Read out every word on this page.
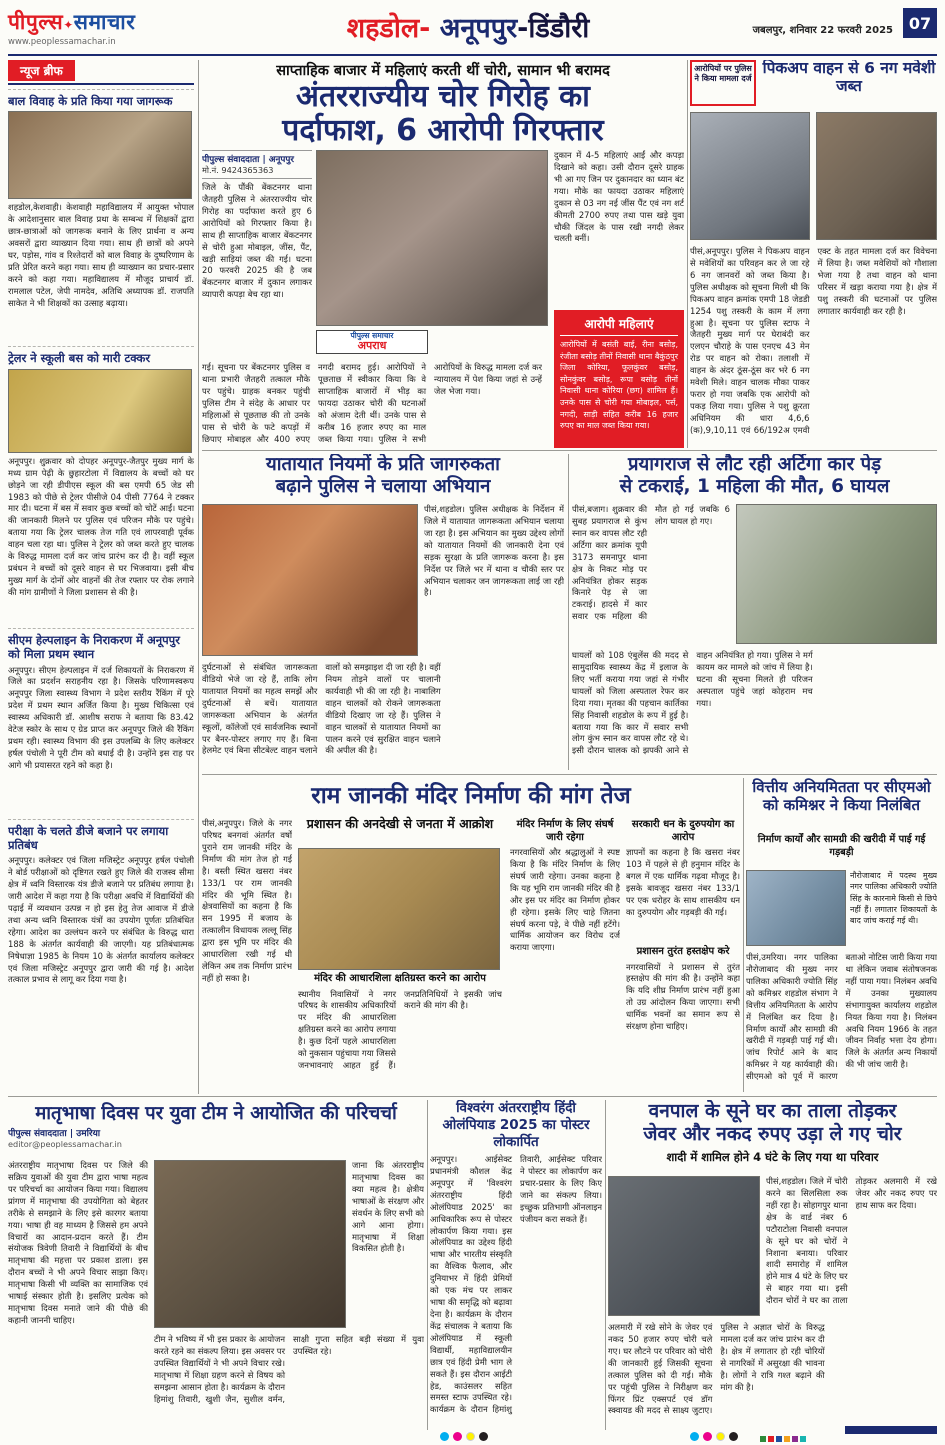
पीपुल्स✦समाचार
www.peoplessamachar.in	शहडोल- अनूपपुर-डिंडौरी	जबलपुर, शनिवार 22 फरवरी 2025 07
न्यूज ब्रीफ
बाल विवाह के प्रति किया गया जागरूक
शहडोल,केशवाही। केशवाही महाविद्यालय में आयुक्त भोपाल के आदेशानुसार बाल विवाह प्रथा के सम्बन्ध में शिक्षकों द्वारा छात्र-छात्राओं को जागरूक बनाने के लिए प्रार्थना व अन्य अवसरों द्वारा व्याख्यान दिया गया। साथ ही छात्रों को अपने घर, पड़ोस, गांव व रिश्तेदारों को बाल विवाह के दुष्परिणाम के प्रति प्रेरित करने कहा गया। साथ ही व्याख्यान का प्रचार-प्रसार करने को कहा गया। महाविद्यालय में मौजूद प्राचार्य डॉ. रामलाल पटेल, जेपी नामदेव, अतिथि अध्यापक डॉ. राजपति साकेत ने भी शिक्षकों का उत्साह बढ़ाया।
ट्रेलर ने स्कूली बस को मारी टक्कर
अनूपपुर। शुक्रवार को दोपहर अनूपपुर-जैतपुर मुख्य मार्ग के मध्य ग्राम पेढ़ी के छुहारटोला में विद्यालय के बच्चों को घर छोड़ने जा रही डीपीएस स्कूल की बस एमपी 65 जेड सी 1983 को पीछे से ट्रेलर पीसीजे 04 पीसी 7764 ने टक्कर मार दी। घटना में बस में सवार कुछ बच्चों को चोटें आईं। घटना की जानकारी मिलने पर पुलिस एवं परिजन मौके पर पहुंचे। बताया गया कि ट्रेलर चालक तेज गति एवं लापरवाही पूर्वक वाहन चला रहा था। पुलिस ने ट्रेलर को जब्त करते हुए चालक के विरुद्ध मामला दर्ज कर जांच प्रारंभ कर दी है। वहीं स्कूल प्रबंधन ने बच्चों को दूसरे वाहन से घर भिजवाया। इसी बीच मुख्य मार्ग के दोनों ओर वाहनों की तेज रफ्तार पर रोक लगाने की मांग ग्रामीणों ने जिला प्रशासन से की है।
सीएम हेल्पलाइन के निराकरण में अनूपपुर को मिला प्रथम स्थान
अनूपपुर। सीएम हेल्पलाइन में दर्ज शिकायतों के निराकरण में जिले का प्रदर्शन सराहनीय रहा है। जिसके परिणामस्वरूप अनूपपुर जिला स्वास्थ्य विभाग ने प्रदेश स्तरीय रैंकिंग में पूरे प्रदेश में प्रथम स्थान अर्जित किया है। मुख्य चिकित्सा एवं स्वास्थ्य अधिकारी डॉ. आशीष सराफ ने बताया कि 83.42 वेटेज स्कोर के साथ ए ग्रेड प्राप्त कर अनूपपुर जिले की रैंकिंग प्रथम रही। स्वास्थ्य विभाग की इस उपलब्धि के लिए कलेक्टर हर्षल पंचोली ने पूरी टीम को बधाई दी है। उन्होंने इस राह पर आगे भी प्रयासरत रहने को कहा है।
परीक्षा के चलते डीजे बजाने पर लगाया प्रतिबंध
अनूपपुर। कलेक्टर एवं जिला मजिस्ट्रेट अनूपपुर हर्षल पंचोली ने बोर्ड परीक्षाओं को दृष्टिगत रखते हुए जिले की राजस्व सीमा क्षेत्र में ध्वनि विस्तारक यंत्र डीजे बजाने पर प्रतिबंध लगाया है। जारी आदेश में कहा गया है कि परीक्षा अवधि में विद्यार्थियों की पढ़ाई में व्यवधान उत्पन्न न हो इस हेतु तेज आवाज में डीजे तथा अन्य ध्वनि विस्तारक यंत्रों का उपयोग पूर्णतः प्रतिबंधित रहेगा। आदेश का उल्लंघन करने पर संबंधित के विरुद्ध धारा 188 के अंतर्गत कार्यवाही की जाएगी। यह प्रतिबंधात्मक निषेधाज्ञा 1985 के नियम 10 के अंतर्गत कार्यालय कलेक्टर एवं जिला मजिस्ट्रेट अनूपपुर द्वारा जारी की गई है। आदेश तत्काल प्रभाव से लागू कर दिया गया है।
साप्ताहिक बाजार में महिलाएं करती थीं चोरी, सामान भी बरामद
अंतरराज्यीय चोर गिरोह का
पर्दाफाश, 6 आरोपी गिरफ्तार
पीपुल्स संवाददाता | अनूपपुर
मो.नं. 9424365363
जिले के पौंकी बेंकटनगर थाना जैतहरी पुलिस ने अंतरराज्यीय चोर गिरोह का पर्दाफाश करते हुए 6 आरोपियों को गिरफ्तार किया है। साथ ही साप्ताहिक बाजार बेंकटनगर से चोरी हुआ मोबाइल, जींस, पैंट, खड़ी साड़ियां जब्त की गई। घटना 20 फरवरी 2025 की है जब बेंकटनगर बाजार में दुकान लगाकर व्यापारी कपड़ा बेच रहा था।
पीपुल्स समाचार
अपराध
दुकान में 4-5 महिलाएं आईं और कपड़ा दिखाने को कहा। उसी दौरान दूसरे ग्राहक भी आ गए जिन पर दुकानदार का ध्यान बंट गया। मौके का फायदा उठाकर महिलाएं दुकान से 03 नग नई जींस पैंट एवं नग शर्ट कीमती 2700 रुपए तथा पास खड़े युवा चौकी जिंदल के पास रखी नगदी लेकर चलती बनीं।
आरोपी महिलाएं
आरोपियों में बसंती बाई, रीना बसोड़, रंजीता बसोड़ तीनों निवासी थाना बैकुंठपुर जिला कोरिया, फूलकुंवर बसोड़, सोनकुंवर बसोड़, रूपा बसोड़ तीनों निवासी थाना कोरिया (छग) शामिल हैं। उनके पास से चोरी गया मोबाइल, पर्स, नगदी, साड़ी सहित करीब 16 हजार रुपए का माल जब्त किया गया।
गई। सूचना पर बेंकटनगर पुलिस व थाना प्रभारी जैतहरी तत्काल मौके पर पहुंचे। ग्राहक बनकर पहुंची पुलिस टीम ने संदेह के आधार पर महिलाओं से पूछताछ की तो उनके पास से चोरी के फटे कपड़ों में छिपाए मोबाइल और 400 रुपए नगदी बरामद हुई। आरोपियों ने पूछताछ में स्वीकार किया कि वे साप्ताहिक बाजारों में भीड़ का फायदा उठाकर चोरी की घटनाओं को अंजाम देती थीं। उनके पास से करीब 16 हजार रुपए का माल जब्त किया गया। पुलिस ने सभी आरोपियों के विरुद्ध मामला दर्ज कर न्यायालय में पेश किया जहां से उन्हें जेल भेजा गया।
आरोपियों पर पुलिस ने किया मामला दर्ज
पिकअप वाहन से 6 नग मवेशी जब्त
पीसं,अनूपपुर। पुलिस ने पिकअप वाहन से मवेशियों का परिवहन कर ले जा रहे 6 नग जानवरों को जब्त किया है। पुलिस अधीक्षक को सूचना मिली थी कि पिकअप वाहन क्रमांक एमपी 18 जेडडी 1254 पशु तस्करी के काम में लगा हुआ है। सूचना पर पुलिस स्टाफ ने जैतहरी मुख्य मार्ग पर घेराबंदी कर एलएन चौराहे के पास एनएच 43 मेन रोड पर वाहन को रोका। तलाशी में वाहन के अंदर ठूंस-ठूंस कर भरे 6 नग मवेशी मिले। वाहन चालक मौका पाकर फरार हो गया जबकि एक आरोपी को पकड़ लिया गया। पुलिस ने पशु क्रूरता अधिनियम की धारा 4,6,6 (क),9,10,11 एवं 66/192अ एमवी एक्ट के तहत मामला दर्ज कर विवेचना में लिया है। जब्त मवेशियों को गौशाला भेजा गया है तथा वाहन को थाना परिसर में खड़ा कराया गया है। क्षेत्र में पशु तस्करी की घटनाओं पर पुलिस लगातार कार्यवाही कर रही है।
यातायात नियमों के प्रति जागरुकता
बढ़ाने पुलिस ने चलाया अभियान
पीसं,शहडोल। पुलिस अधीक्षक के निर्देशन में जिले में यातायात जागरूकता अभियान चलाया जा रहा है। इस अभियान का मुख्य उद्देश्य लोगों को यातायात नियमों की जानकारी देना एवं सड़क सुरक्षा के प्रति जागरूक करना है। इस निर्देश पर जिले भर में थाना व चौकी स्तर पर अभियान चलाकर जन जागरूकता लाई जा रही है।
दुर्घटनाओं से संबंधित जागरूकता वीडियो भेजे जा रहे हैं, ताकि लोग यातायात नियमों का महत्व समझें और दुर्घटनाओं से बचें। यातायात जागरूकता अभियान के अंतर्गत स्कूलों, कॉलेजों एवं सार्वजनिक स्थानों पर बैनर-पोस्टर लगाए गए हैं। बिना हेलमेट एवं बिना सीटबेल्ट वाहन चलाने वालों को समझाइश दी जा रही है। वहीं नियम तोड़ने वालों पर चालानी कार्यवाही भी की जा रही है। नाबालिग वाहन चालकों को रोकने जागरूकता वीडियो दिखाए जा रहे हैं। पुलिस ने वाहन चालकों से यातायात नियमों का पालन करने एवं सुरक्षित वाहन चलाने की अपील की है।
प्रयागराज से लौट रही अर्टिगा कार पेड़
से टकराई, 1 महिला की मौत, 6 घायल
पीसं,बजाग। शुक्रवार की सुबह प्रयागराज से कुंभ स्नान कर वापस लौट रही अर्टिगा कार क्रमांक यूपी 3173 समनापुर थाना क्षेत्र के निकट मोड़ पर अनियंत्रित होकर सड़क किनारे पेड़ से जा टकराई। हादसे में कार सवार एक महिला की मौत हो गई जबकि 6 लोग घायल हो गए।
घायलों को 108 एंबुलेंस की मदद से सामुदायिक स्वास्थ्य केंद्र में इलाज के लिए भर्ती कराया गया जहां से गंभीर घायलों को जिला अस्पताल रेफर कर दिया गया। मृतका की पहचान कार्तिका सिंह निवासी शहडोल के रूप में हुई है। बताया गया कि कार में सवार सभी लोग कुंभ स्नान कर वापस लौट रहे थे। इसी दौरान चालक को झपकी आने से वाहन अनियंत्रित हो गया। पुलिस ने मर्ग कायम कर मामले को जांच में लिया है। घटना की सूचना मिलते ही परिजन अस्पताल पहुंचे जहां कोहराम मच गया।
राम जानकी मंदिर निर्माण की मांग तेज
पीसं,अनूपपुर। जिले के नगर परिषद बनगवां अंतर्गत वर्षों पुराने राम जानकी मंदिर के निर्माण की मांग तेज हो गई है। बस्ती स्थित खसरा नंबर 133/1 पर राम जानकी मंदिर की भूमि स्थित है। क्षेत्रवासियों का कहना है कि सन 1995 में बजाय के तत्कालीन विधायक लल्लू सिंह द्वारा इस भूमि पर मंदिर की आधारशिला रखी गई थी लेकिन अब तक निर्माण प्रारंभ नहीं हो सका है।
प्रशासन की अनदेखी से जनता में आक्रोश
मंदिर की आधारशिला क्षतिग्रस्त करने का आरोप
स्थानीय निवासियों ने नगर परिषद के शासकीय अधिकारियों पर मंदिर की आधारशिला क्षतिग्रस्त करने का आरोप लगाया है। कुछ दिनों पहले आधारशिला को नुकसान पहुंचाया गया जिससे जनभावनाएं आहत हुई हैं। जनप्रतिनिधियों ने इसकी जांच कराने की मांग की है।
मंदिर निर्माण के लिए संघर्ष जारी रहेगा
नगरवासियों और श्रद्धालुओं ने स्पष्ट किया है कि मंदिर निर्माण के लिए संघर्ष जारी रहेगा। उनका कहना है कि यह भूमि राम जानकी मंदिर की है और इस पर मंदिर का निर्माण होकर ही रहेगा। इसके लिए चाहे जितना संघर्ष करना पड़े, वे पीछे नहीं हटेंगे। धार्मिक आयोजन कर विरोध दर्ज कराया जाएगा।
सरकारी धन के दुरुपयोग का आरोप
ज्ञापनों का कहना है कि खसरा नंबर 103 में पहले से ही हनुमान मंदिर के बगल में एक धार्मिक गढ़वा मौजूद है। इसके बावजूद खसरा नंबर 133/1 पर एक धरोहर के साथ शासकीय धन का दुरुपयोग और गड़बड़ी की गई।
प्रशासन तुरंत हस्तक्षेप करे
नगरवासियों ने प्रशासन से तुरंत हस्तक्षेप की मांग की है। उन्होंने कहा कि यदि शीघ्र निर्माण प्रारंभ नहीं हुआ तो उग्र आंदोलन किया जाएगा। सभी धार्मिक भवनों का समान रूप से संरक्षण होना चाहिए।
वित्तीय अनियमितता पर सीएमओ को कमिश्नर ने किया निलंबित
निर्माण कार्यों और सामग्री की खरीदी में पाई गई गड़बड़ी
नौरोजाबाद में पदस्थ मुख्य नगर पालिका अधिकारी ज्योति सिंह के कारनामे किसी से छिपे नहीं हैं। लगातार शिकायतों के बाद जांच कराई गई थी।
पीसं,उमरिया। नगर पालिका नौरोजाबाद की मुख्य नगर पालिका अधिकारी ज्योति सिंह को कमिश्नर शहडोल संभाग ने वित्तीय अनियमितता के आरोप में निलंबित कर दिया है। निर्माण कार्यों और सामग्री की खरीदी में गड़बड़ी पाई गई थी। जांच रिपोर्ट आने के बाद कमिश्नर ने यह कार्यवाही की। सीएमओ को पूर्व में कारण बताओ नोटिस जारी किया गया था लेकिन जवाब संतोषजनक नहीं पाया गया। निलंबन अवधि में उनका मुख्यालय संभागायुक्त कार्यालय शहडोल नियत किया गया है। निलंबन अवधि नियम 1966 के तहत जीवन निर्वाह भत्ता देय होगा। जिले के अंतर्गत अन्य निकायों की भी जांच जारी है।
मातृभाषा दिवस पर युवा टीम ने आयोजित की परिचर्चा
पीपुल्स संवाददाता | उमरिया
editor@peoplessamachar.in
अंतरराष्ट्रीय मातृभाषा दिवस पर जिले की सक्रिय युवाओं की युवा टीम द्वारा भाषा महत्व पर परिचर्चा का आयोजन किया गया। विद्यालय प्रांगण में मातृभाषा की उपयोगिता को बेहतर तरीके से समझाने के लिए इसे कारगर बताया गया। भाषा ही वह माध्यम है जिससे हम अपने विचारों का आदान-प्रदान करते हैं। टीम संयोजक त्रिवेणी तिवारी ने विद्यार्थियों के बीच मातृभाषा की महत्ता पर प्रकाश डाला। इस दौरान बच्चों ने भी अपने विचार साझा किए। मातृभाषा किसी भी व्यक्ति का सामाजिक एवं भाषाई संस्कार होती है। इसलिए प्रत्येक को मातृभाषा दिवस मनाते जाने की पीछे की कहानी जाननी चाहिए।
जाना कि अंतरराष्ट्रीय मातृभाषा दिवस का क्या महत्व है। क्षेत्रीय भाषाओं के संरक्षण और संवर्धन के लिए सभी को आगे आना होगा। मातृभाषा में शिक्षा विकसित होती है।
टीम ने भविष्य में भी इस प्रकार के आयोजन करते रहने का संकल्प लिया। इस अवसर पर उपस्थित विद्यार्थियों ने भी अपने विचार रखे। मातृभाषा में शिक्षा ग्रहण करने से विषय को समझना आसान होता है। कार्यक्रम के दौरान हिमांशु तिवारी, खुशी जैन, सुशील वर्मन, साक्षी गुप्ता सहित बड़ी संख्या में युवा उपस्थित रहे।
विश्वरंग अंतरराष्ट्रीय हिंदी ओलंपियाड 2025 का पोस्टर लोकार्पित
अनूपपुर। आईसेक्ट प्रधानमंत्री कौशल केंद्र अनूपपुर में 'विश्वरंग अंतरराष्ट्रीय हिंदी ओलंपियाड 2025' का आधिकारिक रूप से पोस्टर लोकार्पण किया गया। इस ओलंपियाड का उद्देश्य हिंदी भाषा और भारतीय संस्कृति का वैश्विक फैलाव, और दुनियाभर में हिंदी प्रेमियों को एक मंच पर लाकर भाषा की समृद्धि को बढ़ावा देना है। कार्यक्रम के दौरान केंद्र संचालक ने बताया कि ओलंपियाड में स्कूली विद्यार्थी, महाविद्यालयीन छात्र एवं हिंदी प्रेमी भाग ले सकते हैं। इस दौरान आईटी हेड, काउंसलर सहित समस्त स्टाफ उपस्थित रहे। कार्यक्रम के दौरान हिमांशु तिवारी, आईसेक्ट परिवार ने पोस्टर का लोकार्पण कर प्रचार-प्रसार के लिए किए जाने का संकल्प लिया। इच्छुक प्रतिभागी ऑनलाइन पंजीयन करा सकते हैं।
वनपाल के सूने घर का ताला तोड़कर
जेवर और नकद रुपए उड़ा ले गए चोर
शादी में शामिल होने 4 घंटे के लिए गया था परिवार
पीसं,शहडोल। जिले में चोरी करने का सिलसिला रुक नहीं रहा है। सोहागपुर थाना क्षेत्र के वार्ड नंबर 6 पटौराटोला निवासी वनपाल के सूने घर को चोरों ने निशाना बनाया। परिवार शादी समारोह में शामिल होने मात्र 4 घंटे के लिए घर से बाहर गया था। इसी दौरान चोरों ने घर का ताला तोड़कर अलमारी में रखे जेवर और नकद रुपए पर हाथ साफ कर दिया।
अलमारी में रखे सोने के जेवर एवं नकद 50 हजार रुपए चोरी चले गए। घर लौटने पर परिवार को चोरी की जानकारी हुई जिसकी सूचना तत्काल पुलिस को दी गई। मौके पर पहुंची पुलिस ने निरीक्षण कर फिंगर प्रिंट एक्सपर्ट एवं डॉग स्क्वायड की मदद से साक्ष्य जुटाए। पुलिस ने अज्ञात चोरों के विरुद्ध मामला दर्ज कर जांच प्रारंभ कर दी है। क्षेत्र में लगातार हो रही चोरियों से नागरिकों में असुरक्षा की भावना है। लोगों ने रात्रि गश्त बढ़ाने की मांग की है।
